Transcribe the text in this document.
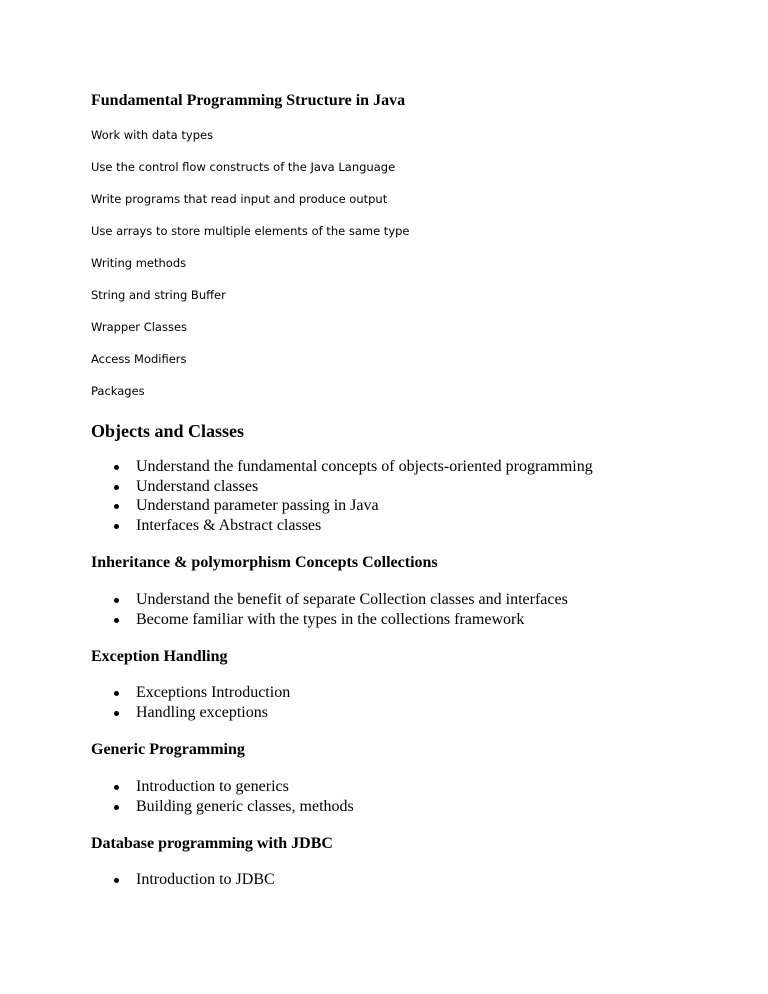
Fundamental Programming Structure in Java
Work with data types
Use the control flow constructs of the Java Language
Write programs that read input and produce output
Use arrays to store multiple elements of the same type
Writing methods
String and string Buffer
Wrapper Classes
Access Modifiers
Packages
Objects and Classes
Understand the fundamental concepts of objects-oriented programming
Understand classes
Understand parameter passing in Java
Interfaces & Abstract classes
Inheritance & polymorphism Concepts Collections
Understand the benefit of separate Collection classes and interfaces
Become familiar with the types in the collections framework
Exception Handling
Exceptions Introduction
Handling exceptions
Generic Programming
Introduction to generics
Building generic classes, methods
Database programming with JDBC
Introduction to JDBC
